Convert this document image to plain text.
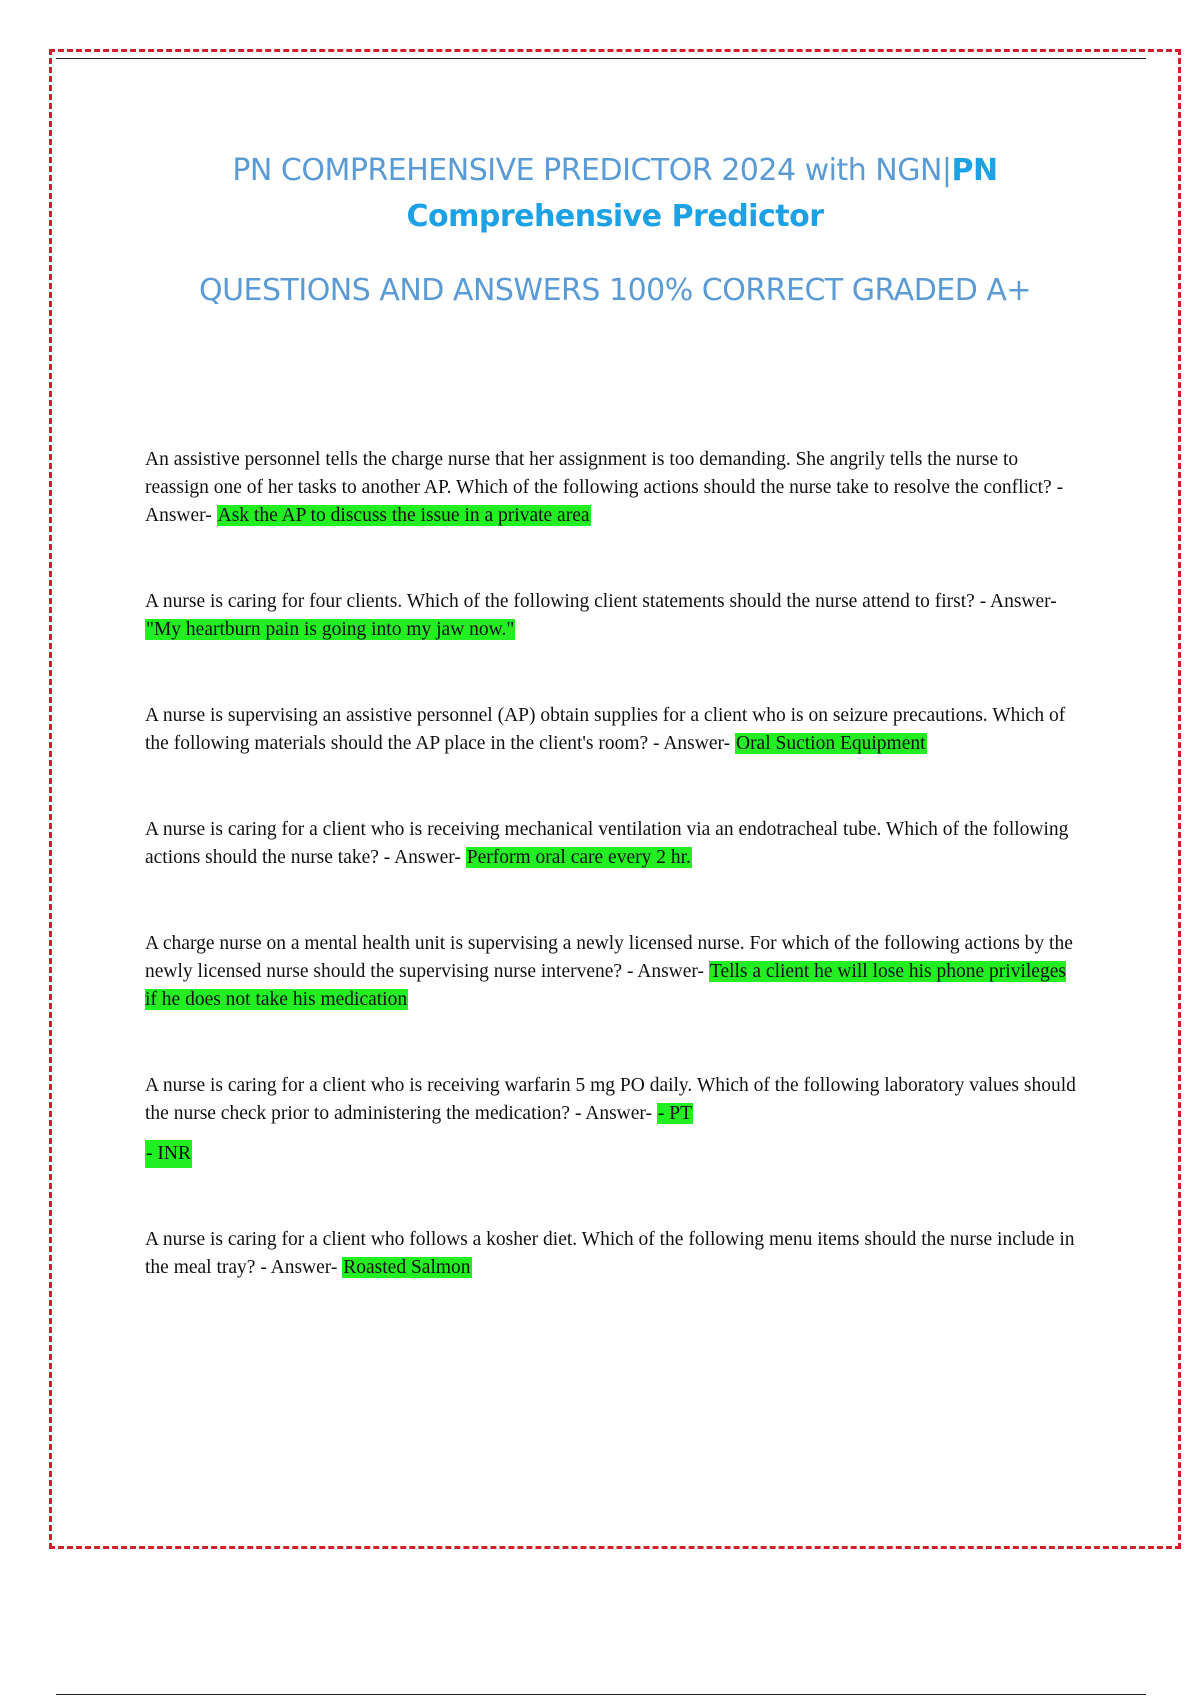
PN COMPREHENSIVE PREDICTOR 2024 with NGN|PN
Comprehensive Predictor
QUESTIONS AND ANSWERS 100% CORRECT GRADED A+

An assistive personnel tells the charge nurse that her assignment is too demanding. She angrily tells the nurse to reassign one of her tasks to another AP. Which of the following actions should the nurse take to resolve the conflict? - Answer- Ask the AP to discuss the issue in a private area

A nurse is caring for four clients. Which of the following client statements should the nurse attend to first? - Answer- "My heartburn pain is going into my jaw now."

A nurse is supervising an assistive personnel (AP) obtain supplies for a client who is on seizure precautions. Which of the following materials should the AP place in the client's room? - Answer- Oral Suction Equipment

A nurse is caring for a client who is receiving mechanical ventilation via an endotracheal tube. Which of the following actions should the nurse take? - Answer- Perform oral care every 2 hr.

A charge nurse on a mental health unit is supervising a newly licensed nurse. For which of the following actions by the newly licensed nurse should the supervising nurse intervene? - Answer- Tells a client he will lose his phone privileges if he does not take his medication

A nurse is caring for a client who is receiving warfarin 5 mg PO daily. Which of the following laboratory values should the nurse check prior to administering the medication? - Answer- - PT
- INR

A nurse is caring for a client who follows a kosher diet. Which of the following menu items should the nurse include in the meal tray? - Answer- Roasted Salmon
